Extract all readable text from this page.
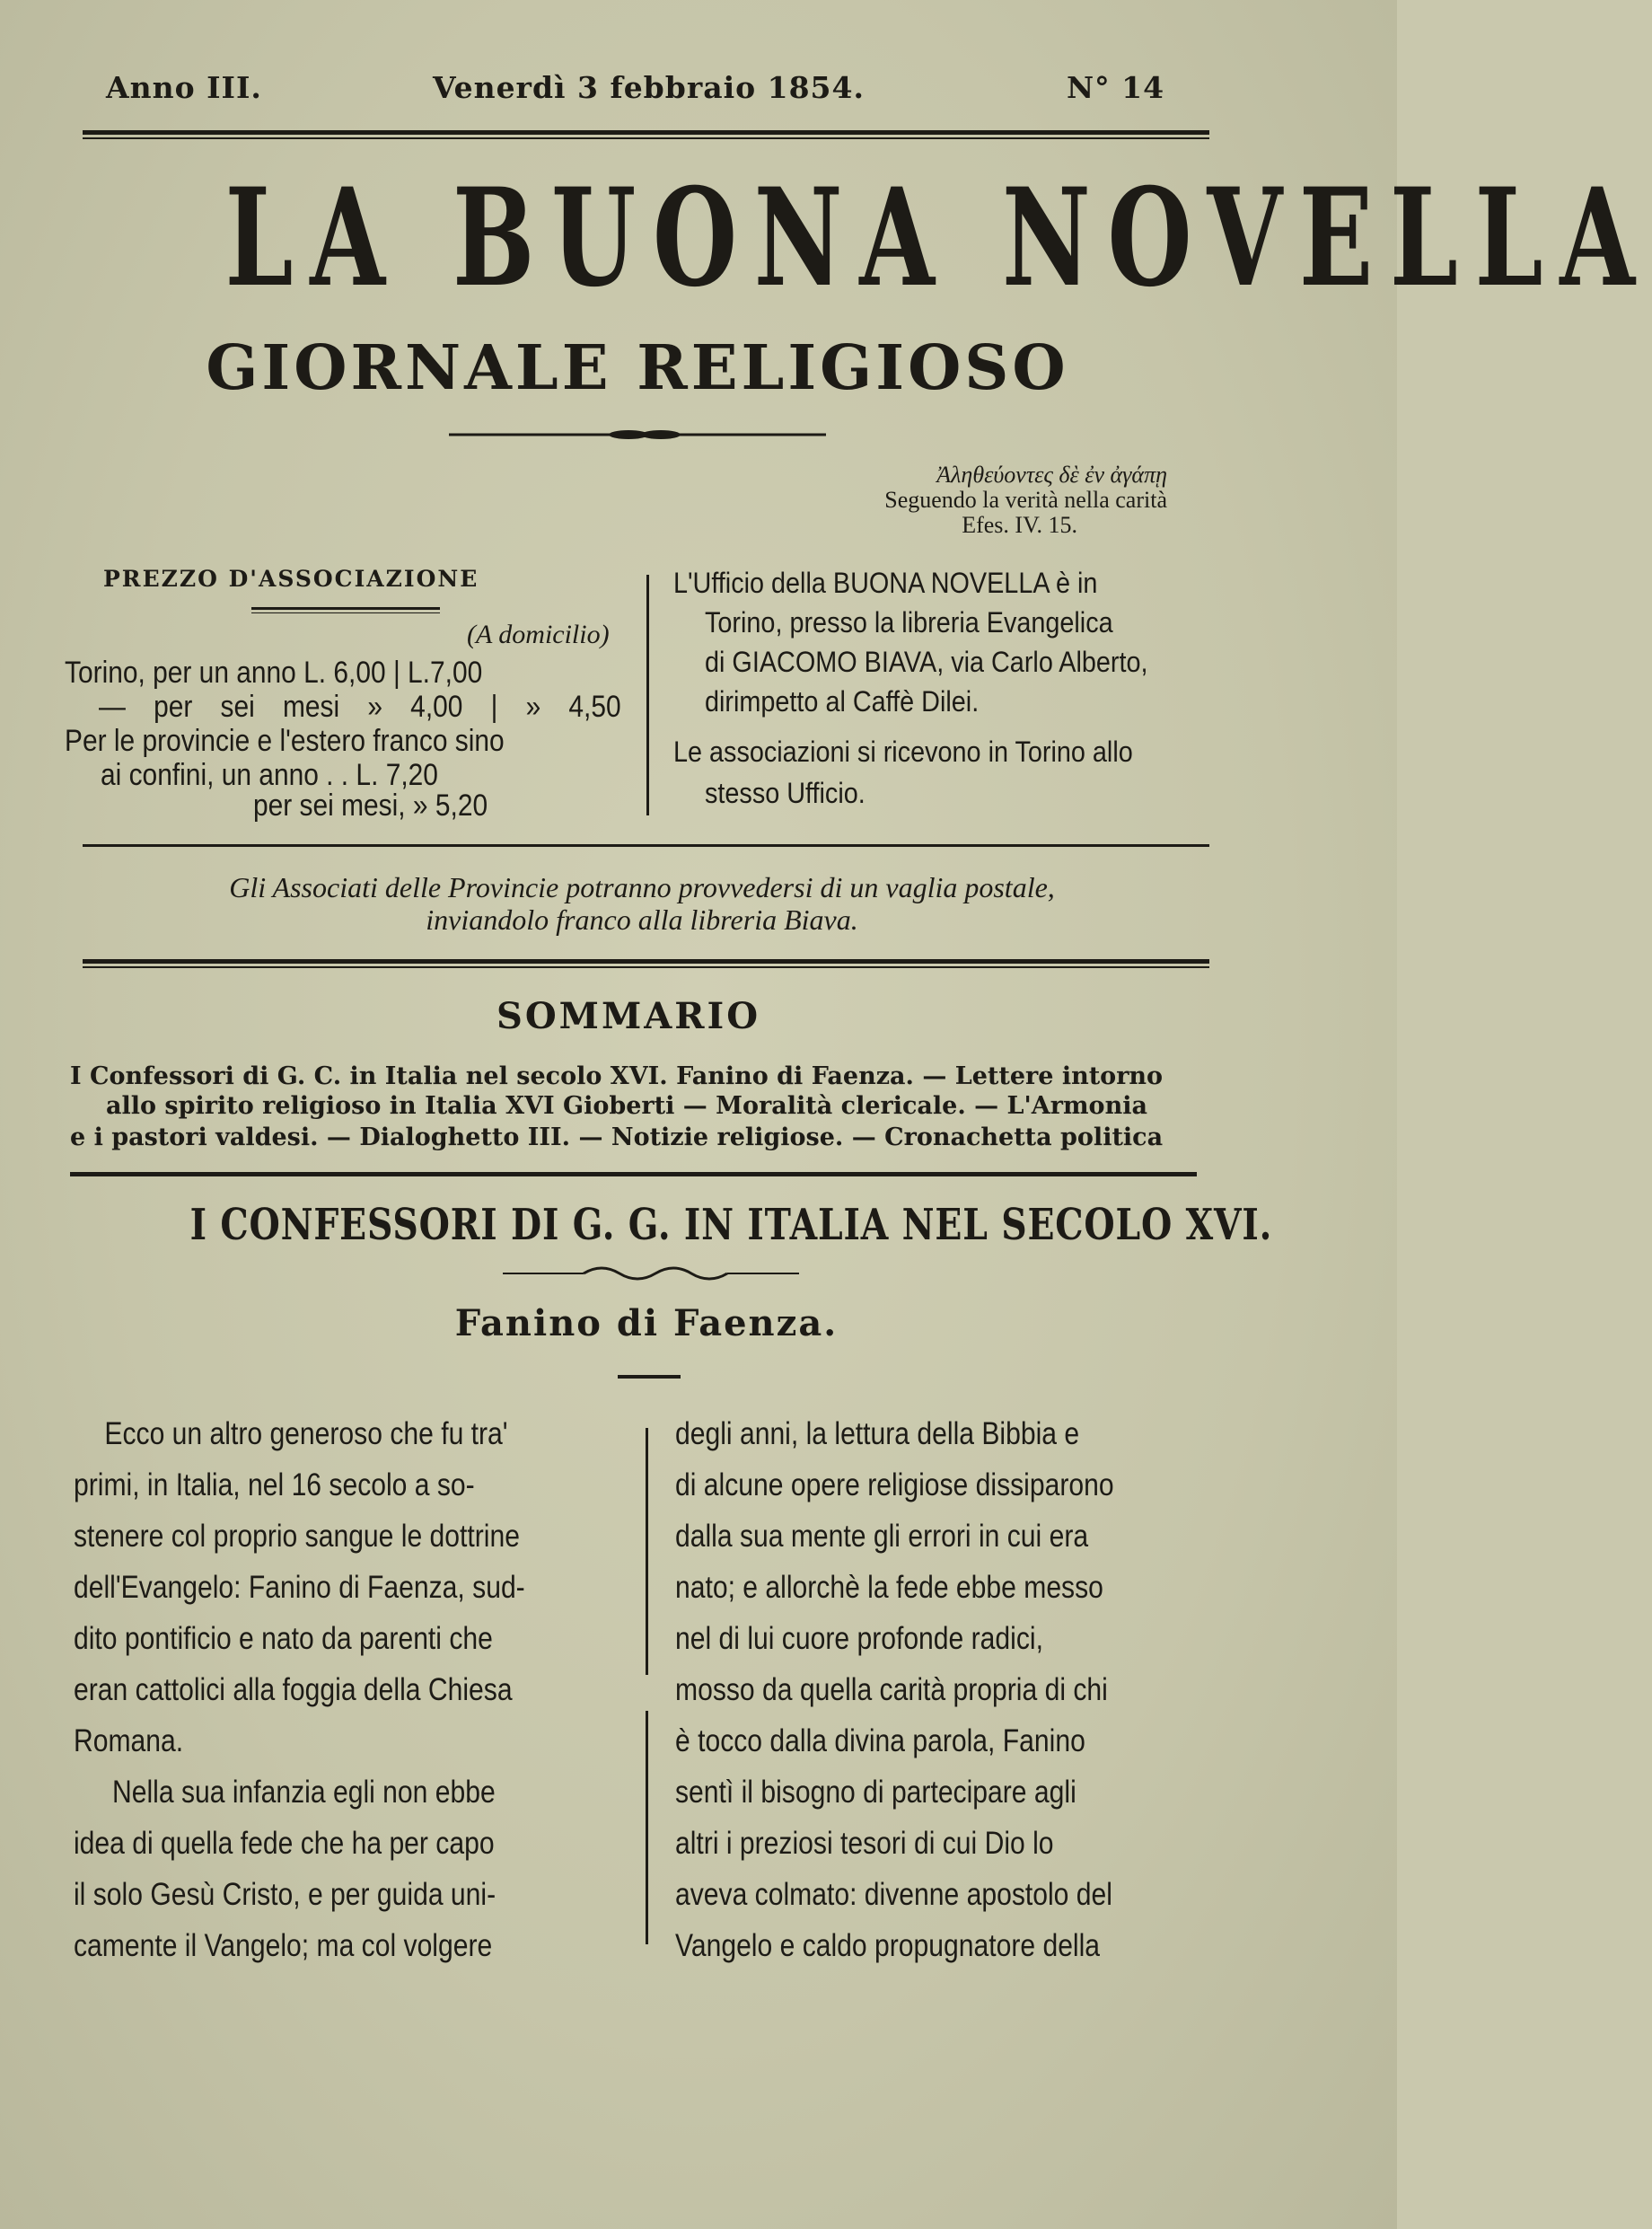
Anno III.	Venerdì 3 febbraio 1854.	N° 14
LA BUONA NOVELLA
GIORNALE RELIGIOSO
Ἀληθεύοντες δὲ ἐν ἀγάπῃ
Seguendo la verità nella carità
Efes. IV. 15.
PREZZO D'ASSOCIAZIONE
(A domicilio)
Torino, per un anno L. 6,00 | L.7,00
— per sei mesi » 4,00 | » 4,50
Per le provincie e l'estero franco sino
ai confini, un anno . . L. 7,20
per sei mesi, » 5,20
L'Ufficio della BUONA NOVELLA è in
Torino, presso la libreria Evangelica
di GIACOMO BIAVA, via Carlo Alberto,
dirimpetto al Caffè Dilei.
Le associazioni si ricevono in Torino allo
stesso Ufficio.
Gli Associati delle Provincie potranno provvedersi di un vaglia postale,
inviandolo franco alla libreria Biava.
SOMMARIO
I Confessori di G. C. in Italia nel secolo XVI. Fanino di Faenza. — Lettere intorno
allo spirito religioso in Italia XVI Gioberti — Moralità clericale. — L'Armonia
e i pastori valdesi. — Dialoghetto III. — Notizie religiose. — Cronachetta politica
I CONFESSORI DI G. G. IN ITALIA NEL SECOLO XVI.
Fanino di Faenza.
Ecco un altro generoso che fu tra'
primi, in Italia, nel 16 secolo a so-
stenere col proprio sangue le dottrine
dell'Evangelo: Fanino di Faenza, sud-
dito pontificio e nato da parenti che
eran cattolici alla foggia della Chiesa
Romana.
Nella sua infanzia egli non ebbe
idea di quella fede che ha per capo
il solo Gesù Cristo, e per guida uni-
camente il Vangelo; ma col volgere
degli anni, la lettura della Bibbia e
di alcune opere religiose dissiparono
dalla sua mente gli errori in cui era
nato; e allorchè la fede ebbe messo
nel di lui cuore profonde radici,
mosso da quella carità propria di chi
è tocco dalla divina parola, Fanino
sentì il bisogno di partecipare agli
altri i preziosi tesori di cui Dio lo
aveva colmato: divenne apostolo del
Vangelo e caldo propugnatore della
